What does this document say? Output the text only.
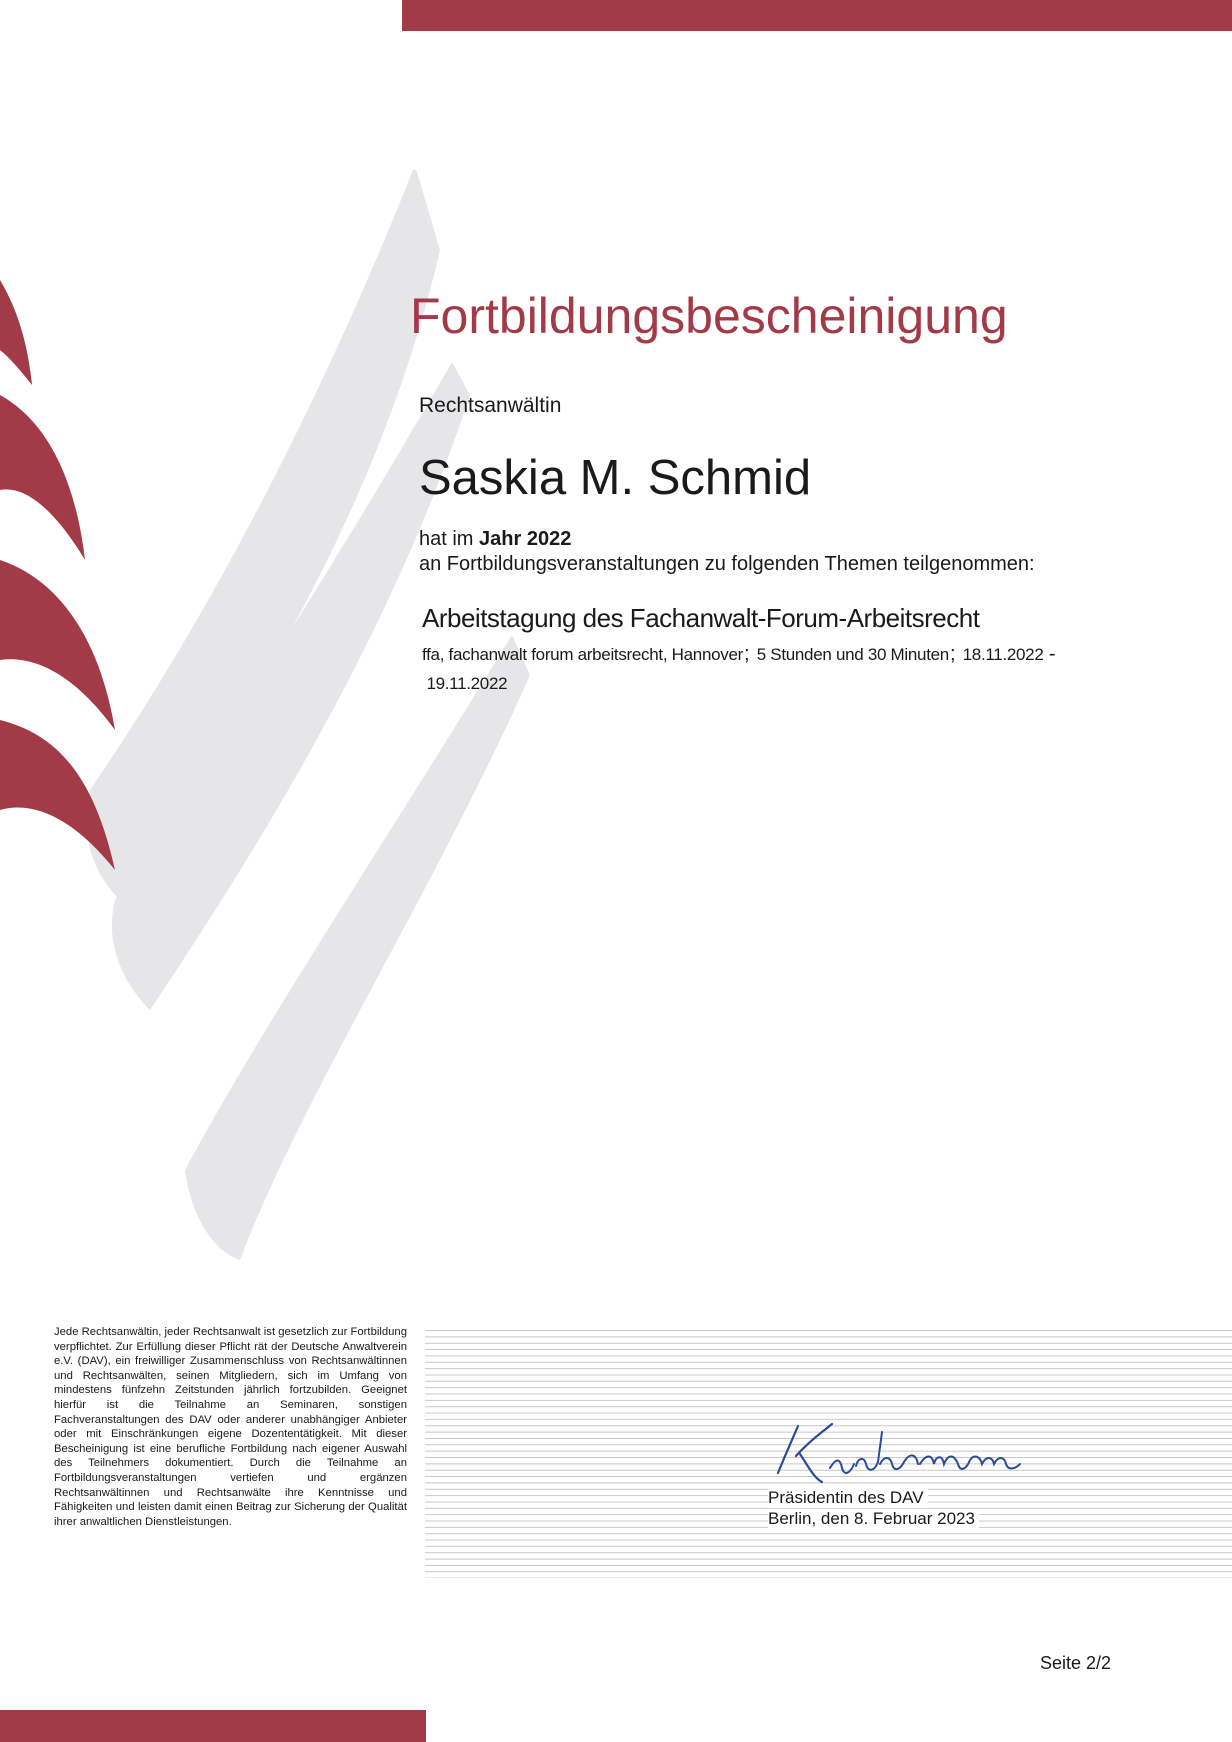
Fortbildungsbescheinigung
Rechtsanwältin
Saskia M. Schmid
hat im Jahr 2022
an Fortbildungsveranstaltungen zu folgenden Themen teilgenommen:
Arbeitstagung des Fachanwalt-Forum-Arbeitsrecht
ffa, fachanwalt forum arbeitsrecht, Hannover; 5 Stunden und 30 Minuten; 18.11.2022 -
19.11.2022

Jede Rechtsanwältin, jeder Rechtsanwalt ist gesetzlich zur Fortbildung verpflichtet. Zur Erfüllung dieser Pflicht rät der Deutsche Anwaltverein e.V. (DAV), ein freiwilliger Zusammenschluss von Rechtsanwältinnen und Rechtsanwälten, seinen Mitgliedern, sich im Umfang von mindestens fünfzehn Zeitstunden jährlich fortzubilden. Geeignet hierfür ist die Teilnahme an Seminaren, sonstigen Fachveranstaltungen des DAV oder anderer unabhängiger Anbieter oder mit Einschränkungen eigene Dozententätigkeit. Mit dieser Bescheinigung ist eine berufliche Fortbildung nach eigener Auswahl des Teilnehmers dokumentiert. Durch die Teilnahme an Fortbildungsveranstaltungen vertiefen und ergänzen Rechtsanwältinnen und Rechtsanwälte ihre Kenntnisse und Fähigkeiten und leisten damit einen Beitrag zur Sicherung der Qualität ihrer anwaltlichen Dienstleistungen.

Präsidentin des DAV
Berlin, den 8. Februar 2023
Seite 2/2
